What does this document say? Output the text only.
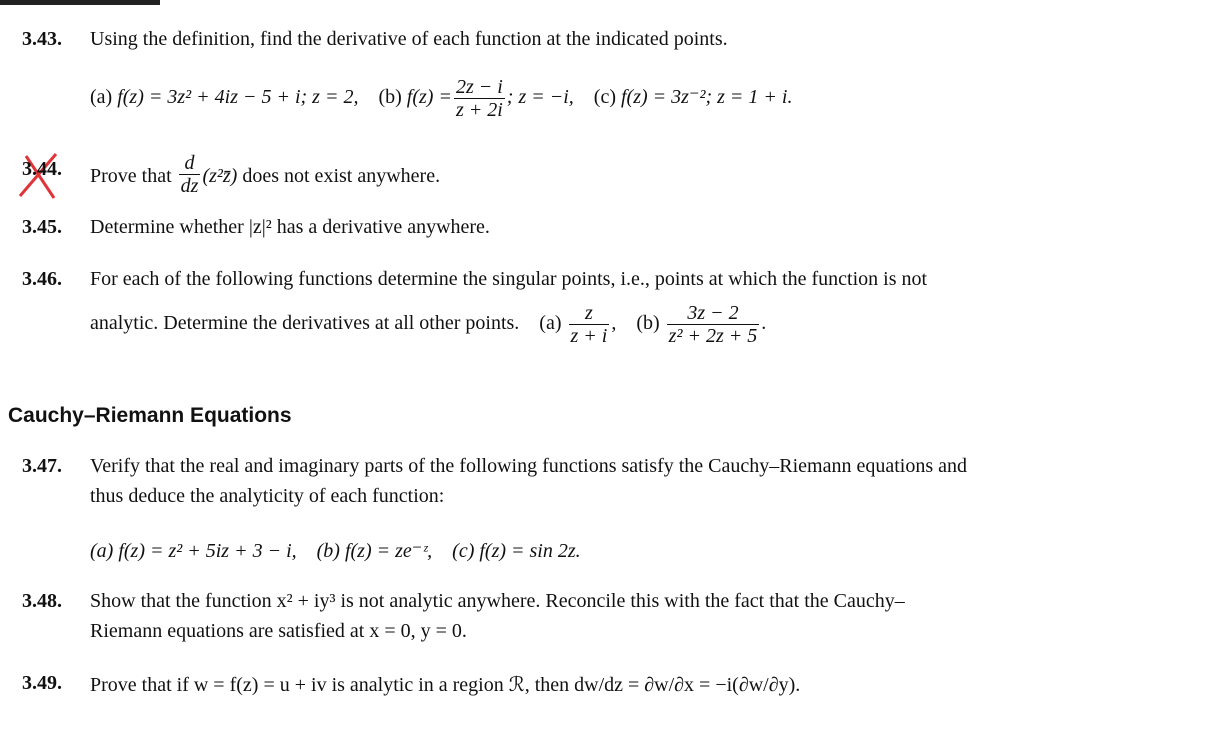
3.43. Using the definition, find the derivative of each function at the indicated points.
(a) f(z) = 3z² + 4iz − 5 + i; z = 2, (b) $f(z) = \frac{2z - i}{z + 2i}$ ; z = −i, (c) f(z) = 3z⁻²; z = 1 + i.
3.44. Prove that $\frac{d}{dz}$ (z²z̄) does not exist anywhere.
3.45. Determine whether |z|² has a derivative anywhere.
3.46. For each of the following functions determine the singular points, i.e., points at which the function is not
analytic. Determine the derivatives at all other points. $(a) \frac{z}{z + i}$ ,    $(b) \frac{3z - 2}{\text{z² + 2z + 5}}$ .
Cauchy–Riemann Equations
3.47. Verify that the real and imaginary parts of the following functions satisfy the Cauchy–Riemann equations and
thus deduce the analyticity of each function:
(a) f(z) = z² + 5iz + 3 − i, (b) f(z) = ze⁻ᶻ, (c) f(z) = sin 2z.
3.48. Show that the function x² + iy³ is not analytic anywhere. Reconcile this with the fact that the Cauchy–
Riemann equations are satisfied at x = 0, y = 0.
3.49. Prove that if w = f(z) = u + iv is analytic in a region ℛ, then dw/dz = ∂w/∂x = −i(∂w/∂y).
